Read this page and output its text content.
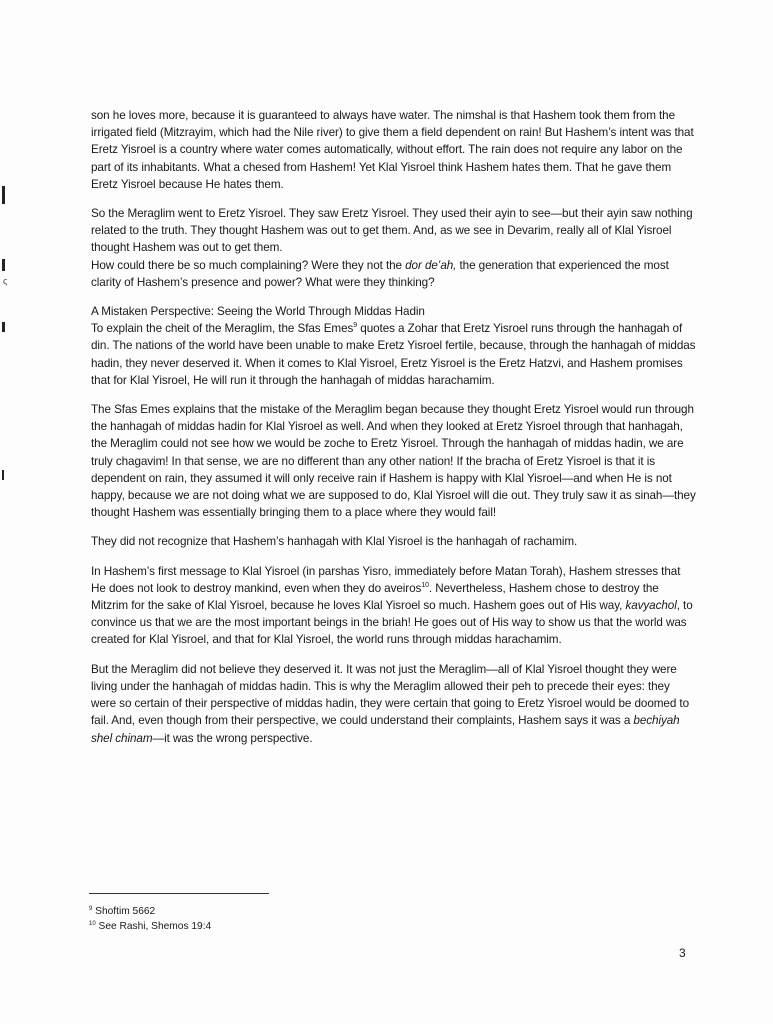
ς

son he loves more, because it is guaranteed to always have water. The nimshal is that Hashem took them from the irrigated field (Mitzrayim, which had the Nile river) to give them a field dependent on rain! But Hashem’s intent was that Eretz Yisroel is a country where water comes automatically, without effort. The rain does not require any labor on the part of its inhabitants. What a chesed from Hashem! Yet Klal Yisroel think Hashem hates them. That he gave them Eretz Yisroel because He hates them.

So the Meraglim went to Eretz Yisroel. They saw Eretz Yisroel. They used their ayin to see—but their ayin saw nothing related to the truth. They thought Hashem was out to get them. And, as we see in Devarim, really all of Klal Yisroel thought Hashem was out to get them.

How could there be so much complaining? Were they not the dor de’ah, the generation that experienced the most clarity of Hashem’s presence and power? What were they thinking?

A Mistaken Perspective: Seeing the World Through Middas Hadin

To explain the cheit of the Meraglim, the Sfas Emes$^9$ quotes a Zohar that Eretz Yisroel runs through the hanhagah of din. The nations of the world have been unable to make Eretz Yisroel fertile, because, through the hanhagah of middas hadin, they never deserved it. When it comes to Klal Yisroel, Eretz Yisroel is the Eretz Hatzvi, and Hashem promises that for Klal Yisroel, He will run it through the hanhagah of middas harachamim.

The Sfas Emes explains that the mistake of the Meraglim began because they thought Eretz Yisroel would run through the hanhagah of middas hadin for Klal Yisroel as well. And when they looked at Eretz Yisroel through that hanhagah, the Meraglim could not see how we would be zoche to Eretz Yisroel. Through the hanhagah of middas hadin, we are truly chagavim! In that sense, we are no different than any other nation! If the bracha of Eretz Yisroel is that it is dependent on rain, they assumed it will only receive rain if Hashem is happy with Klal Yisroel—and when He is not happy, because we are not doing what we are supposed to do, Klal Yisroel will die out. They truly saw it as sinah—they thought Hashem was essentially bringing them to a place where they would fail!

They did not recognize that Hashem’s hanhagah with Klal Yisroel is the hanhagah of rachamim.

In Hashem’s first message to Klal Yisroel (in parshas Yisro, immediately before Matan Torah), Hashem stresses that He does not look to destroy mankind, even when they do aveiros$^{10}$. Nevertheless, Hashem chose to destroy the Mitzrim for the sake of Klal Yisroel, because he loves Klal Yisroel so much. Hashem goes out of His way, kavyachol, to convince us that we are the most important beings in the briah! He goes out of His way to show us that the world was created for Klal Yisroel, and that for Klal Yisroel, the world runs through middas harachamim.

But the Meraglim did not believe they deserved it. It was not just the Meraglim—all of Klal Yisroel thought they were living under the hanhagah of middas hadin. This is why the Meraglim allowed their peh to precede their eyes: they were so certain of their perspective of middas hadin, they were certain that going to Eretz Yisroel would be doomed to fail. And, even though from their perspective, we could understand their complaints, Hashem says it was a bechiyah shel chinam—it was the wrong perspective.

$^9$ Shoftim 5662
$^{10}$ See Rashi, Shemos 19:4
3
